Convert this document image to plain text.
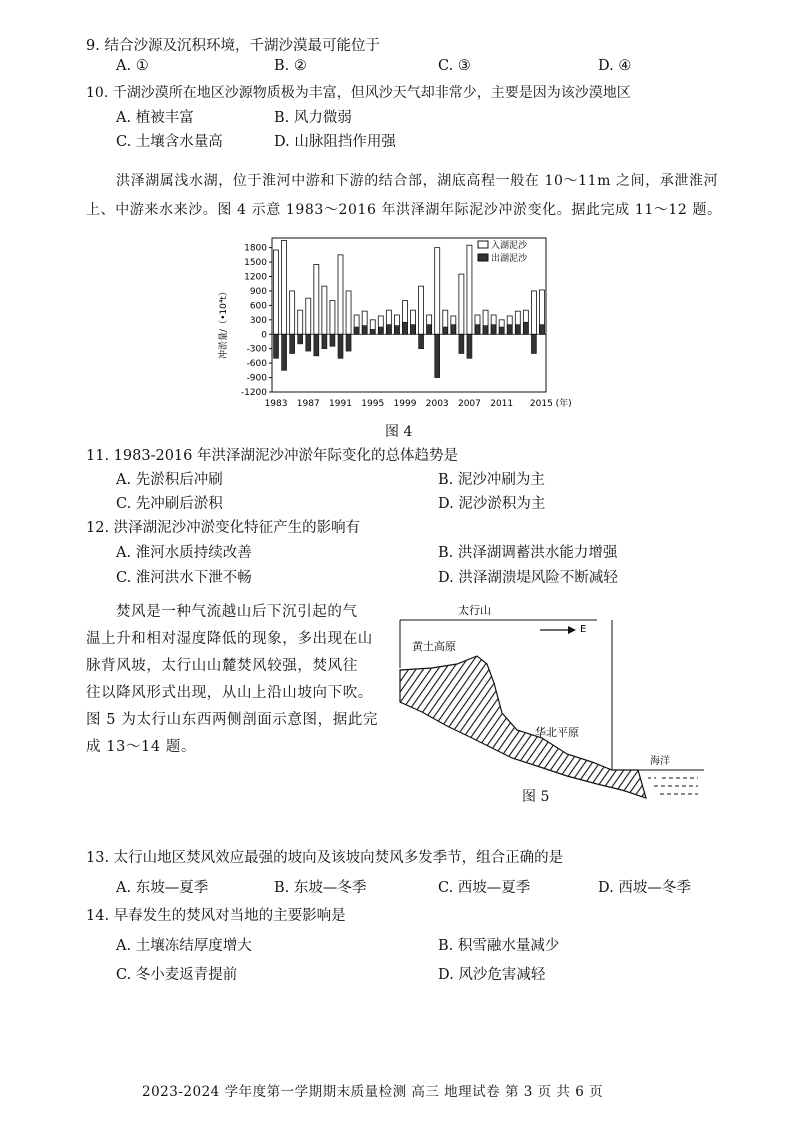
9. 结合沙源及沉积环境，千湖沙漠最可能位于
A. ①	B. ②	C. ③	D. ④
10. 千湖沙漠所在地区沙源物质极为丰富，但风沙天气却非常少，主要是因为该沙漠地区
A. 植被丰富	B. 风力微弱
C. 土壤含水量高	D. 山脉阻挡作用强
洪泽湖属浅水湖，位于淮河中游和下游的结合部，湖底高程一般在 10～11m 之间，承泄淮河
上、中游来水来沙。图 4 示意 1983～2016 年洪泽湖年际泥沙冲淤变化。据此完成 11～12 题。
-1200
-900
-600
-300
0
300
600
900
1200
1500
1800
1983 1987 1991 1995 1999 2003 2007 2011 2015 (年)
入湖泥沙
出湖泥沙
冲淤量/（•10⁴t）
图 4
11. 1983-2016 年洪泽湖泥沙冲淤年际变化的总体趋势是
A. 先淤积后冲刷	B. 泥沙冲刷为主
C. 先冲刷后淤积	D. 泥沙淤积为主
12. 洪泽湖泥沙冲淤变化特征产生的影响有
A. 淮河水质持续改善	B. 洪泽湖调蓄洪水能力增强
C. 淮河洪水下泄不畅	D. 洪泽湖溃堤风险不断减轻
焚风是一种气流越山后下沉引起的气
温上升和相对湿度降低的现象，多出现在山
脉背风坡，太行山山麓焚风较强，焚风往
往以降风形式出现，从山上沿山坡向下吹。
图 5 为太行山东西两侧剖面示意图，据此完
成 13～14 题。
E
太行山
黄土高原
华北平原
海洋
图 5
13. 太行山地区焚风效应最强的坡向及该坡向焚风多发季节，组合正确的是
A. 东坡—夏季	B. 东坡—冬季	C. 西坡—夏季	D. 西坡—冬季
14. 早春发生的焚风对当地的主要影响是
A. 土壤冻结厚度增大	B. 积雪融水量减少
C. 冬小麦返青提前	D. 风沙危害减轻
2023-2024 学年度第一学期期末质量检测 高三 地理试卷 第 3 页 共 6 页
